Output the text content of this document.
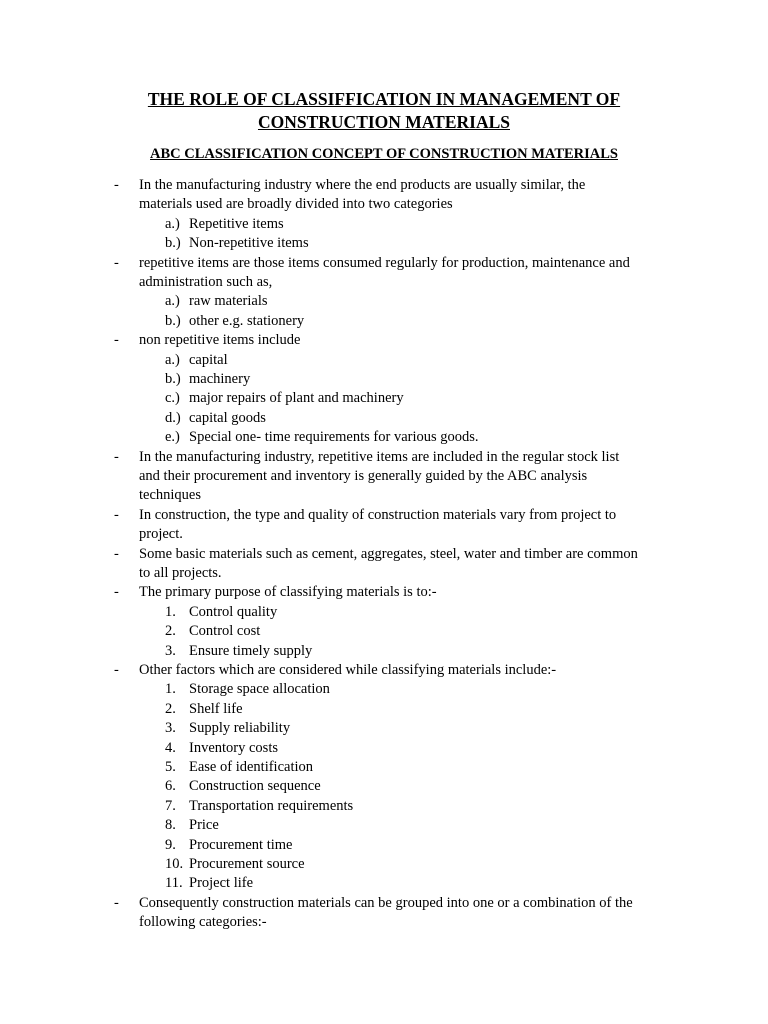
THE ROLE OF CLASSIFFICATION IN MANAGEMENT OF
CONSTRUCTION MATERIALS
ABC CLASSIFICATION CONCEPT OF CONSTRUCTION MATERIALS
- In the manufacturing industry where the end products are usually similar, the
materials used are broadly divided into two categories
a.) Repetitive items
b.) Non-repetitive items
- repetitive items are those items consumed regularly for production, maintenance and
administration such as,
a.) raw materials
b.) other e.g. stationery
- non repetitive items include
a.) capital
b.) machinery
c.) major repairs of plant and machinery
d.) capital goods
e.) Special one- time requirements for various goods.
- In the manufacturing industry, repetitive items are included in the regular stock list
and their procurement and inventory is generally guided by the ABC analysis
techniques
- In construction, the type and quality of construction materials vary from project to
project.
- Some basic materials such as cement, aggregates, steel, water and timber are common
to all projects.
- The primary purpose of classifying materials is to:-
1. Control quality
2. Control cost
3. Ensure timely supply
- Other factors which are considered while classifying materials include:-
1. Storage space allocation
2. Shelf life
3. Supply reliability
4. Inventory costs
5. Ease of identification
6. Construction sequence
7. Transportation requirements
8. Price
9. Procurement time
10. Procurement source
11. Project life
- Consequently construction materials can be grouped into one or a combination of the
following categories:-
